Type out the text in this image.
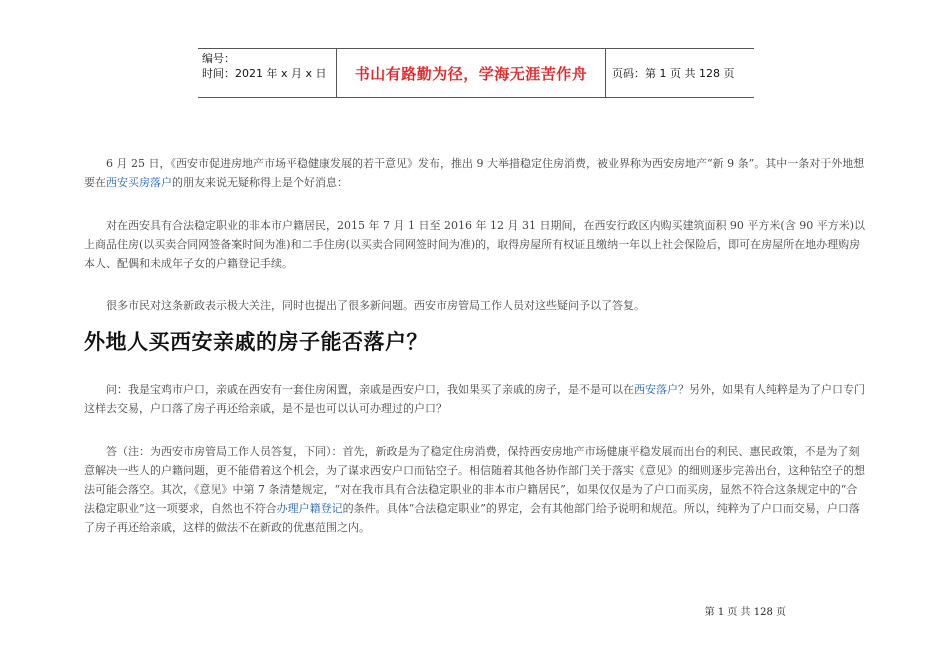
编号：
时间：2021 年 x 月 x 日	书山有路勤为径，学海无涯苦作舟 页码：第 1 页 共 128 页

6 月 25 日，《西安市促进房地产市场平稳健康发展的若干意见》发布，推出 9 大举措稳定住房消费，被业界称为西安房地产“新 9 条”。其中一条对于外地想要在西安买房落户的朋友来说无疑称得上是个好消息：

对在西安具有合法稳定职业的非本市户籍居民，2015 年 7 月 1 日至 2016 年 12 月 31 日期间，在西安行政区内购买建筑面积 90 平方米(含 90 平方米)以上商品住房(以买卖合同网签备案时间为准)和二手住房(以买卖合同网签时间为准)的，取得房屋所有权证且缴纳一年以上社会保险后，即可在房屋所在地办理购房本人、配偶和未成年子女的户籍登记手续。

很多市民对这条新政表示极大关注，同时也提出了很多新问题。西安市房管局工作人员对这些疑问予以了答复。

外地人买西安亲戚的房子能否落户？

问：我是宝鸡市户口，亲戚在西安有一套住房闲置，亲戚是西安户口，我如果买了亲戚的房子，是不是可以在西安落户？另外，如果有人纯粹是为了户口专门这样去交易，户口落了房子再还给亲戚，是不是也可以认可办理过的户口？

答（注：为西安市房管局工作人员答复，下同）：首先，新政是为了稳定住房消费，保持西安房地产市场健康平稳发展而出台的利民、惠民政策，不是为了刻意解决一些人的户籍问题，更不能借着这个机会，为了谋求西安户口而钻空子。相信随着其他各协作部门关于落实《意见》的细则逐步完善出台，这种钻空子的想法可能会落空。其次，《意见》中第 7 条清楚规定，“对在我市具有合法稳定职业的非本市户籍居民”，如果仅仅是为了户口而买房，显然不符合这条规定中的“合法稳定职业”这一项要求，自然也不符合办理户籍登记的条件。具体“合法稳定职业”的界定，会有其他部门给予说明和规范。所以，纯粹为了户口而交易，户口落了房子再还给亲戚，这样的做法不在新政的优惠范围之内。

第 1 页 共 128 页
